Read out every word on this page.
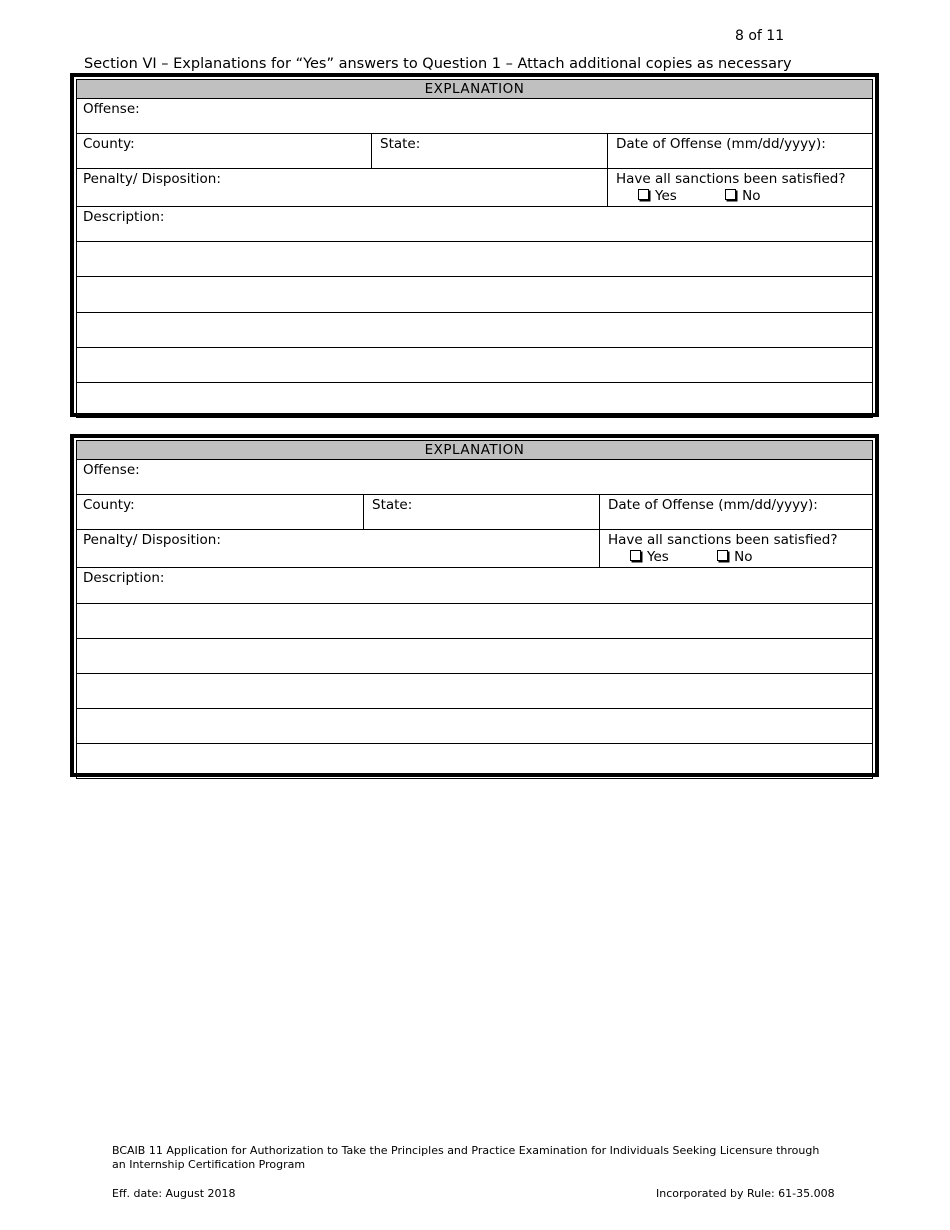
8 of 11
Section VI – Explanations for “Yes” answers to Question 1 – Attach additional copies as necessary
EXPLANATION
Offense:
County:	State:	Date of Offense (mm/dd/yyyy):
Penalty/ Disposition:	Have all sanctions been satisfied?
Yes	No
Description:
EXPLANATION
Offense:
County:	State:	Date of Offense (mm/dd/yyyy):
Penalty/ Disposition:	Have all sanctions been satisfied?
Yes	No
Description:
BCAIB 11 Application for Authorization to Take the Principles and Practice Examination for Individuals Seeking Licensure through an Internship Certification Program
Eff. date: August 2018	Incorporated by Rule: 61-35.008
